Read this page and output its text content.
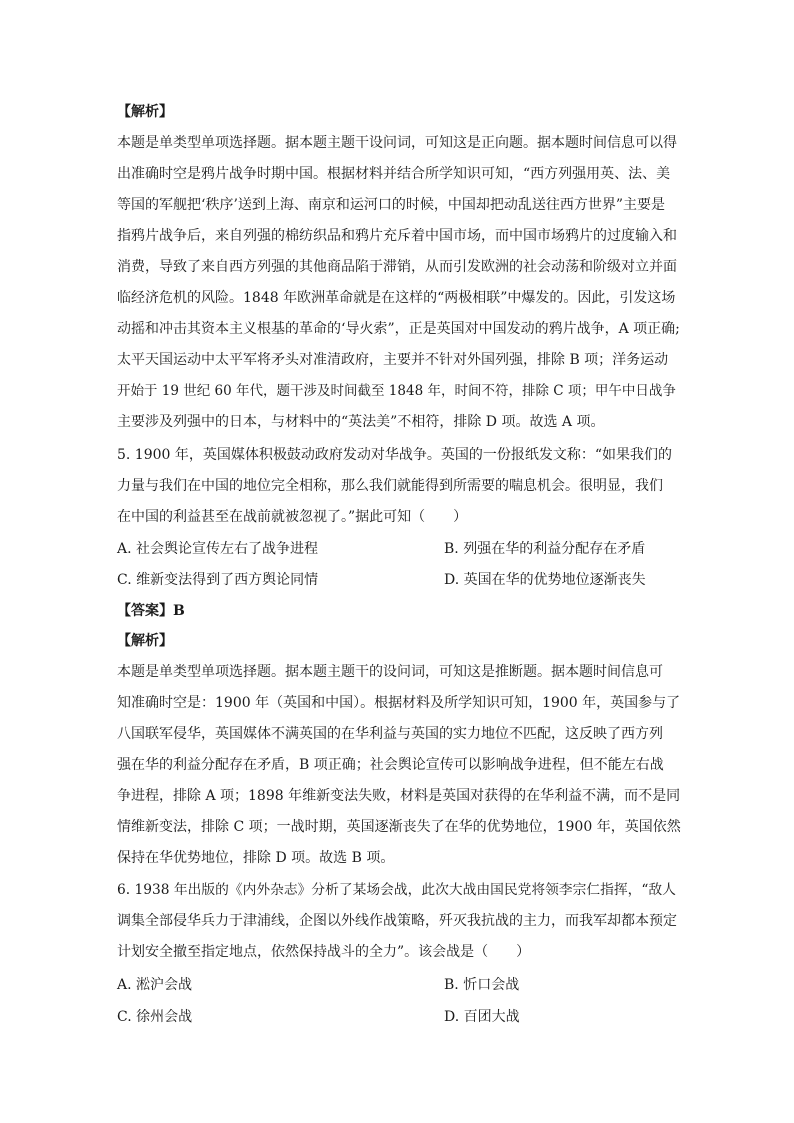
【解析】
本题是单类型单项选择题。据本题主题干设问词，可知这是正向题。据本题时间信息可以得
出准确时空是鸦片战争时期中国。根据材料并结合所学知识可知，“西方列强用英、法、美
等国的军舰把‘秩序’送到上海、南京和运河口的时候，中国却把动乱送往西方世界”主要是
指鸦片战争后，来自列强的棉纺织品和鸦片充斥着中国市场，而中国市场鸦片的过度输入和
消费，导致了来自西方列强的其他商品陷于滞销，从而引发欧洲的社会动荡和阶级对立并面
临经济危机的风险。1848 年欧洲革命就是在这样的“两极相联”中爆发的。因此，引发这场
动摇和冲击其资本主义根基的革命的‘导火索”，正是英国对中国发动的鸦片战争，A 项正确;
太平天国运动中太平军将矛头对准清政府，主要并不针对外国列强，排除 B 项；洋务运动
开始于 19 世纪 60 年代，题干涉及时间截至 1848 年，时间不符，排除 C 项；甲午中日战争
主要涉及列强中的日本，与材料中的“英法美”不相符，排除 D 项。故选 A 项。
5. 1900 年，英国媒体积极鼓动政府发动对华战争。英国的一份报纸发文称：“如果我们的
力量与我们在中国的地位完全相称，那么我们就能得到所需要的喘息机会。很明显，我们
在中国的利益甚至在战前就被忽视了。”据此可知（　　）
A. 社会舆论宣传左右了战争进程	B. 列强在华的利益分配存在矛盾
C. 维新变法得到了西方舆论同情	D. 英国在华的优势地位逐渐丧失
【答案】B
【解析】
本题是单类型单项选择题。据本题主题干的设问词，可知这是推断题。据本题时间信息可
知准确时空是：1900 年（英国和中国）。根据材料及所学知识可知，1900 年，英国参与了
八国联军侵华，英国媒体不满英国的在华利益与英国的实力地位不匹配，这反映了西方列
强在华的利益分配存在矛盾，B 项正确；社会舆论宣传可以影响战争进程，但不能左右战
争进程，排除 A 项；1898 年维新变法失败，材料是英国对获得的在华利益不满，而不是同
情维新变法，排除 C 项；一战时期，英国逐渐丧失了在华的优势地位，1900 年，英国依然
保持在华优势地位，排除 D 项。故选 B 项。
6. 1938 年出版的《内外杂志》分析了某场会战，此次大战由国民党将领李宗仁指挥，“敌人
调集全部侵华兵力于津浦线，企图以外线作战策略，歼灭我抗战的主力，而我军却都本预定
计划安全撤至指定地点，依然保持战斗的全力”。该会战是（　　）
A. 淞沪会战	B. 忻口会战
C. 徐州会战	D. 百团大战
